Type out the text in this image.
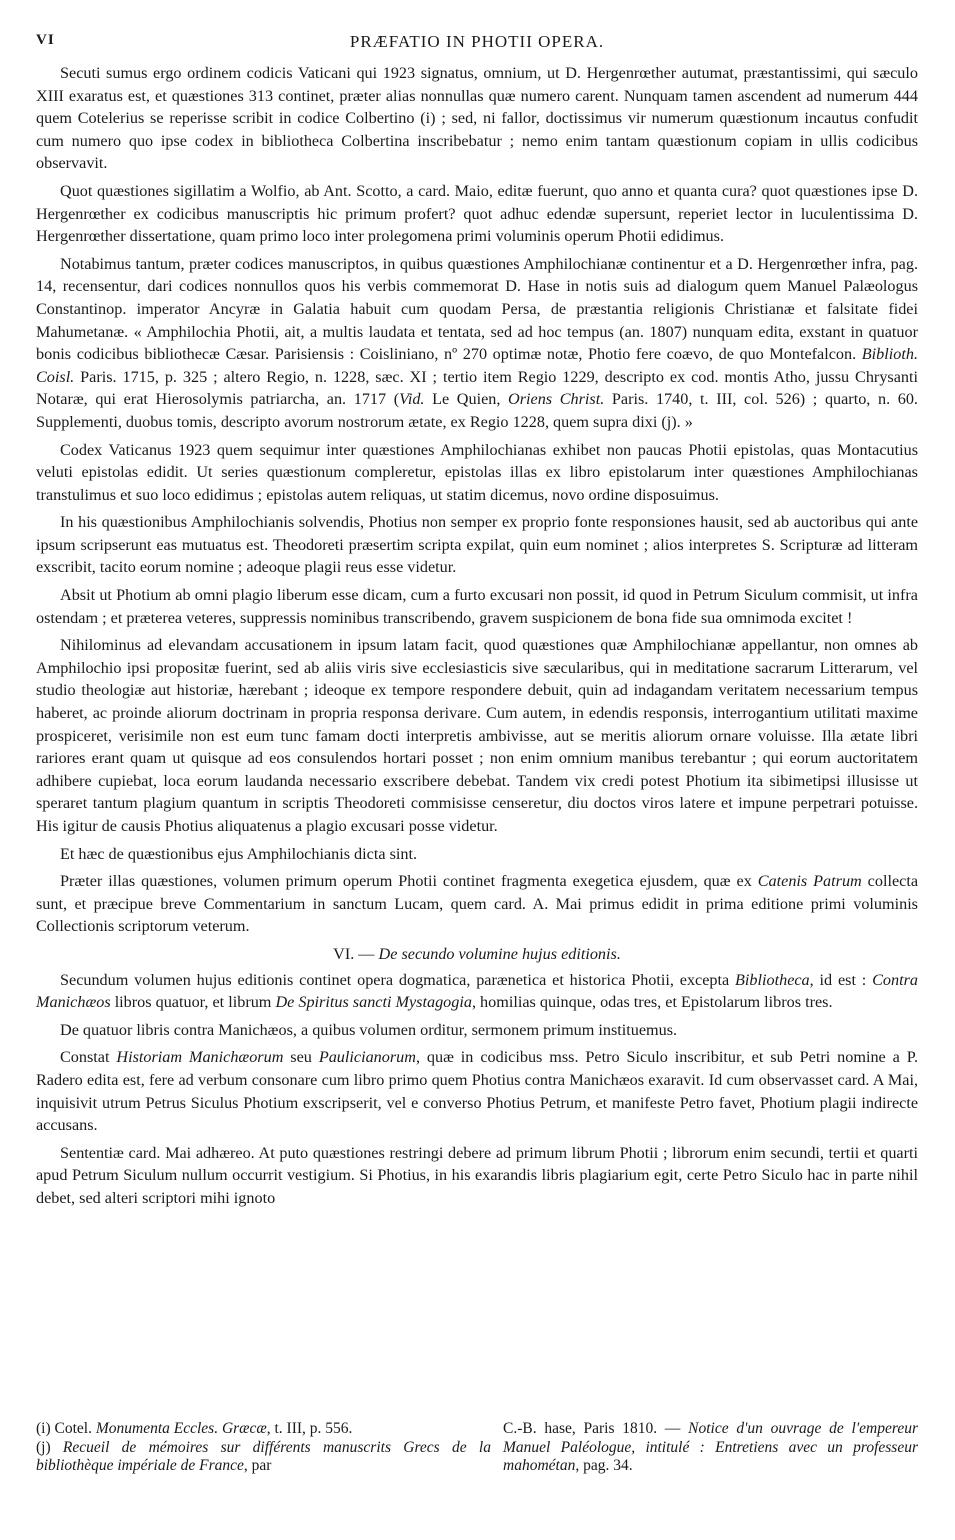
VI	PRÆFATIO IN PHOTII OPERA.

Secuti sumus ergo ordinem codicis Vaticani qui 1923 signatus, omnium, ut D. Hergenrœther autumat, præstantissimi, qui sæculo XIII exaratus est, et quæstiones 313 continet, præter alias nonnullas quæ numero carent. Nunquam tamen ascendent ad numerum 444 quem Cotelerius se reperisse scribit in codice Colbertino (i) ; sed, ni fallor, doctissimus vir numerum quæstionum incautus confudit cum numero quo ipse codex in bibliotheca Colbertina inscribebatur ; nemo enim tantam quæstionum copiam in ullis codicibus observavit.

Quot quæstiones sigillatim a Wolfio, ab Ant. Scotto, a card. Maio, editæ fuerunt, quo anno et quanta cura? quot quæstiones ipse D. Hergenrœther ex codicibus manuscriptis hic primum profert? quot adhuc edendæ supersunt, reperiet lector in luculentissima D. Hergenrœther dissertatione, quam primo loco inter prolegomena primi voluminis operum Photii edidimus.

Notabimus tantum, præter codices manuscriptos, in quibus quæstiones Amphilochianæ continentur et a D. Hergenrœther infra, pag. 14, recensentur, dari codices nonnullos quos his verbis commemorat D. Hase in notis suis ad dialogum quem Manuel Palæologus Constantinop. imperator Ancyræ in Galatia habuit cum quodam Persa, de præstantia religionis Christianæ et falsitate fidei Mahumetanæ. « Amphilochia Photii, ait, a multis laudata et tentata, sed ad hoc tempus (an. 1807) nunquam edita, exstant in quatuor bonis codicibus bibliothecæ Cæsar. Parisiensis : Coisliniano, nº 270 optimæ notæ, Photio fere coævo, de quo Montefalcon. Biblioth. Coisl. Paris. 1715, p. 325 ; altero Regio, n. 1228, sæc. XI ; tertio item Regio 1229, descripto ex cod. montis Atho, jussu Chrysanti Notaræ, qui erat Hierosolymis patriarcha, an. 1717 (Vid. Le Quien, Oriens Christ. Paris. 1740, t. III, col. 526) ; quarto, n. 60. Supplementi, duobus tomis, descripto avorum nostrorum ætate, ex Regio 1228, quem supra dixi (j). »

Codex Vaticanus 1923 quem sequimur inter quæstiones Amphilochianas exhibet non paucas Photii epistolas, quas Montacutius veluti epistolas edidit. Ut series quæstionum compleretur, epistolas illas ex libro epistolarum inter quæstiones Amphilochianas transtulimus et suo loco edidimus ; epistolas autem reliquas, ut statim dicemus, novo ordine disposuimus.

In his quæstionibus Amphilochianis solvendis, Photius non semper ex proprio fonte responsiones hausit, sed ab auctoribus qui ante ipsum scripserunt eas mutuatus est. Theodoreti præsertim scripta expilat, quin eum nominet ; alios interpretes S. Scripturæ ad litteram exscribit, tacito eorum nomine ; adeoque plagii reus esse videtur.

Absit ut Photium ab omni plagio liberum esse dicam, cum a furto excusari non possit, id quod in Petrum Siculum commisit, ut infra ostendam ; et præterea veteres, suppressis nominibus transcribendo, gravem suspicionem de bona fide sua omnimoda excitet !

Nihilominus ad elevandam accusationem in ipsum latam facit, quod quæstiones quæ Amphilochianæ appellantur, non omnes ab Amphilochio ipsi propositæ fuerint, sed ab aliis viris sive ecclesiasticis sive sæcularibus, qui in meditatione sacrarum Litterarum, vel studio theologiæ aut historiæ, hærebant ; ideoque ex tempore respondere debuit, quin ad indagandam veritatem necessarium tempus haberet, ac proinde aliorum doctrinam in propria responsa derivare. Cum autem, in edendis responsis, interrogantium utilitati maxime prospiceret, verisimile non est eum tunc famam docti interpretis ambivisse, aut se meritis aliorum ornare voluisse. Illa ætate libri rariores erant quam ut quisque ad eos consulendos hortari posset ; non enim omnium manibus terebantur ; qui eorum auctoritatem adhibere cupiebat, loca eorum laudanda necessario exscribere debebat. Tandem vix credi potest Photium ita sibimetipsi illusisse ut speraret tantum plagium quantum in scriptis Theodoreti commisisse censeretur, diu doctos viros latere et impune perpetrari potuisse. His igitur de causis Photius aliquatenus a plagio excusari posse videtur.

Et hæc de quæstionibus ejus Amphilochianis dicta sint.

Præter illas quæstiones, volumen primum operum Photii continet fragmenta exegetica ejusdem, quæ ex Catenis Patrum collecta sunt, et præcipue breve Commentarium in sanctum Lucam, quem card. A. Mai primus edidit in prima editione primi voluminis Collectionis scriptorum veterum.

VI. — De secundo volumine hujus editionis.

Secundum volumen hujus editionis continet opera dogmatica, parænetica et historica Photii, excepta Bibliotheca, id est : Contra Manichæos libros quatuor, et librum De Spiritus sancti Mystagogia, homilias quinque, odas tres, et Epistolarum libros tres.

De quatuor libris contra Manichæos, a quibus volumen orditur, sermonem primum instituemus.

Constat Historiam Manichæorum seu Paulicianorum, quæ in codicibus mss. Petro Siculo inscribitur, et sub Petri nomine a P. Radero edita est, fere ad verbum consonare cum libro primo quem Photius contra Manichæos exaravit. Id cum observasset card. A Mai, inquisivit utrum Petrus Siculus Photium exscripserit, vel e converso Photius Petrum, et manifeste Petro favet, Photium plagii indirecte accusans.

Sententiæ card. Mai adhæreo. At puto quæstiones restringi debere ad primum librum Photii ; librorum enim secundi, tertii et quarti apud Petrum Siculum nullum occurrit vestigium. Si Photius, in his exarandis libris plagiarium egit, certe Petro Siculo hac in parte nihil debet, sed alteri scriptori mihi ignoto

(i) Cotel. Monumenta Eccles. Græcæ, t. III, p. 556.

(j) Recueil de mémoires sur différents manuscrits Grecs de la bibliothèque impériale de France, par

C.-B. hase, Paris 1810. — Notice d'un ouvrage de l'empereur Manuel Paléologue, intitulé : Entretiens avec un professeur mahométan, pag. 34.
